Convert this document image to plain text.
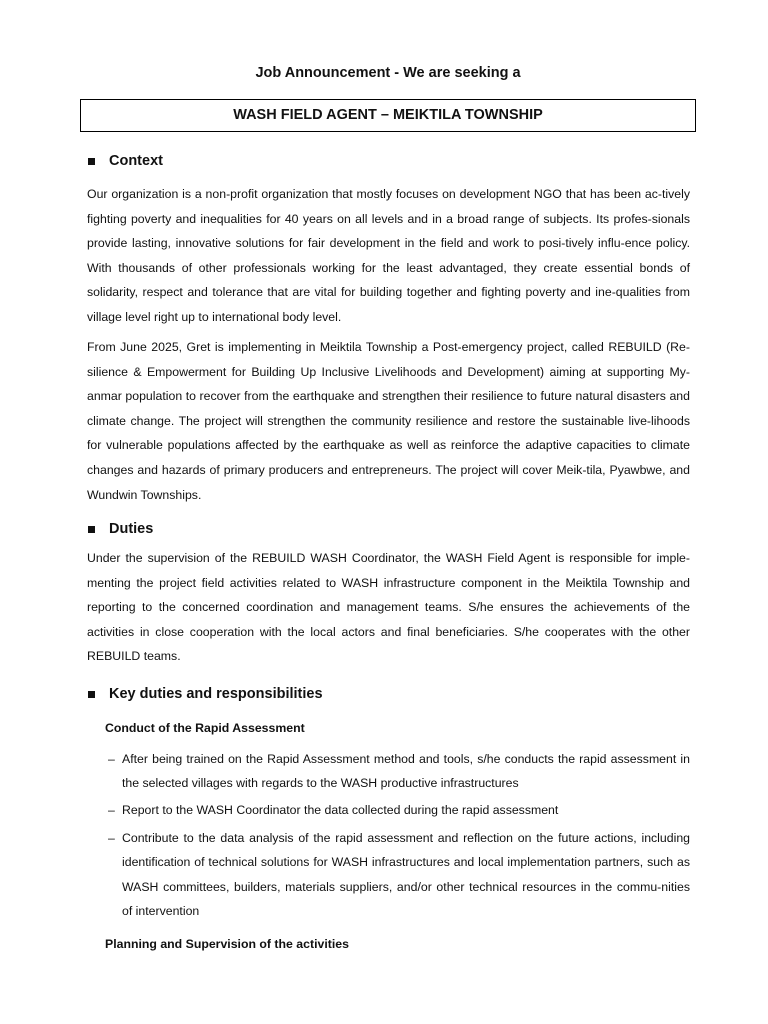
Job Announcement - We are seeking a
WASH FIELD AGENT – MEIKTILA TOWNSHIP
Context

Our organization is a non-profit organization that mostly focuses on development NGO that has been ac-tively fighting poverty and inequalities for 40 years on all levels and in a broad range of subjects. Its profes-sionals provide lasting, innovative solutions for fair development in the field and work to posi-tively influ-ence policy. With thousands of other professionals working for the least advantaged, they create essential bonds of solidarity, respect and tolerance that are vital for building together and fighting poverty and ine-qualities from village level right up to international body level.

From June 2025, Gret is implementing in Meiktila Township a Post-emergency project, called REBUILD (Re-silience & Empowerment for Building Up Inclusive Livelihoods and Development) aiming at supporting My-anmar population to recover from the earthquake and strengthen their resilience to future natural disasters and climate change. The project will strengthen the community resilience and restore the sustainable live-lihoods for vulnerable populations affected by the earthquake as well as reinforce the adaptive capacities to climate changes and hazards of primary producers and entrepreneurs. The project will cover Meik-tila, Pyawbwe, and Wundwin Townships.

Duties

Under the supervision of the REBUILD WASH Coordinator, the WASH Field Agent is responsible for imple-menting the project field activities related to WASH infrastructure component in the Meiktila Township and reporting to the concerned coordination and management teams. S/he ensures the achievements of the activities in close cooperation with the local actors and final beneficiaries. S/he cooperates with the other REBUILD teams.

Key duties and responsibilities
Conduct of the Rapid Assessment
– After being trained on the Rapid Assessment method and tools, s/he conducts the rapid assessment in the selected villages with regards to the WASH productive infrastructures
– Report to the WASH Coordinator the data collected during the rapid assessment
– Contribute to the data analysis of the rapid assessment and reflection on the future actions, including identification of technical solutions for WASH infrastructures and local implementation partners, such as WASH committees, builders, materials suppliers, and/or other technical resources in the commu-nities of intervention
Planning and Supervision of the activities
